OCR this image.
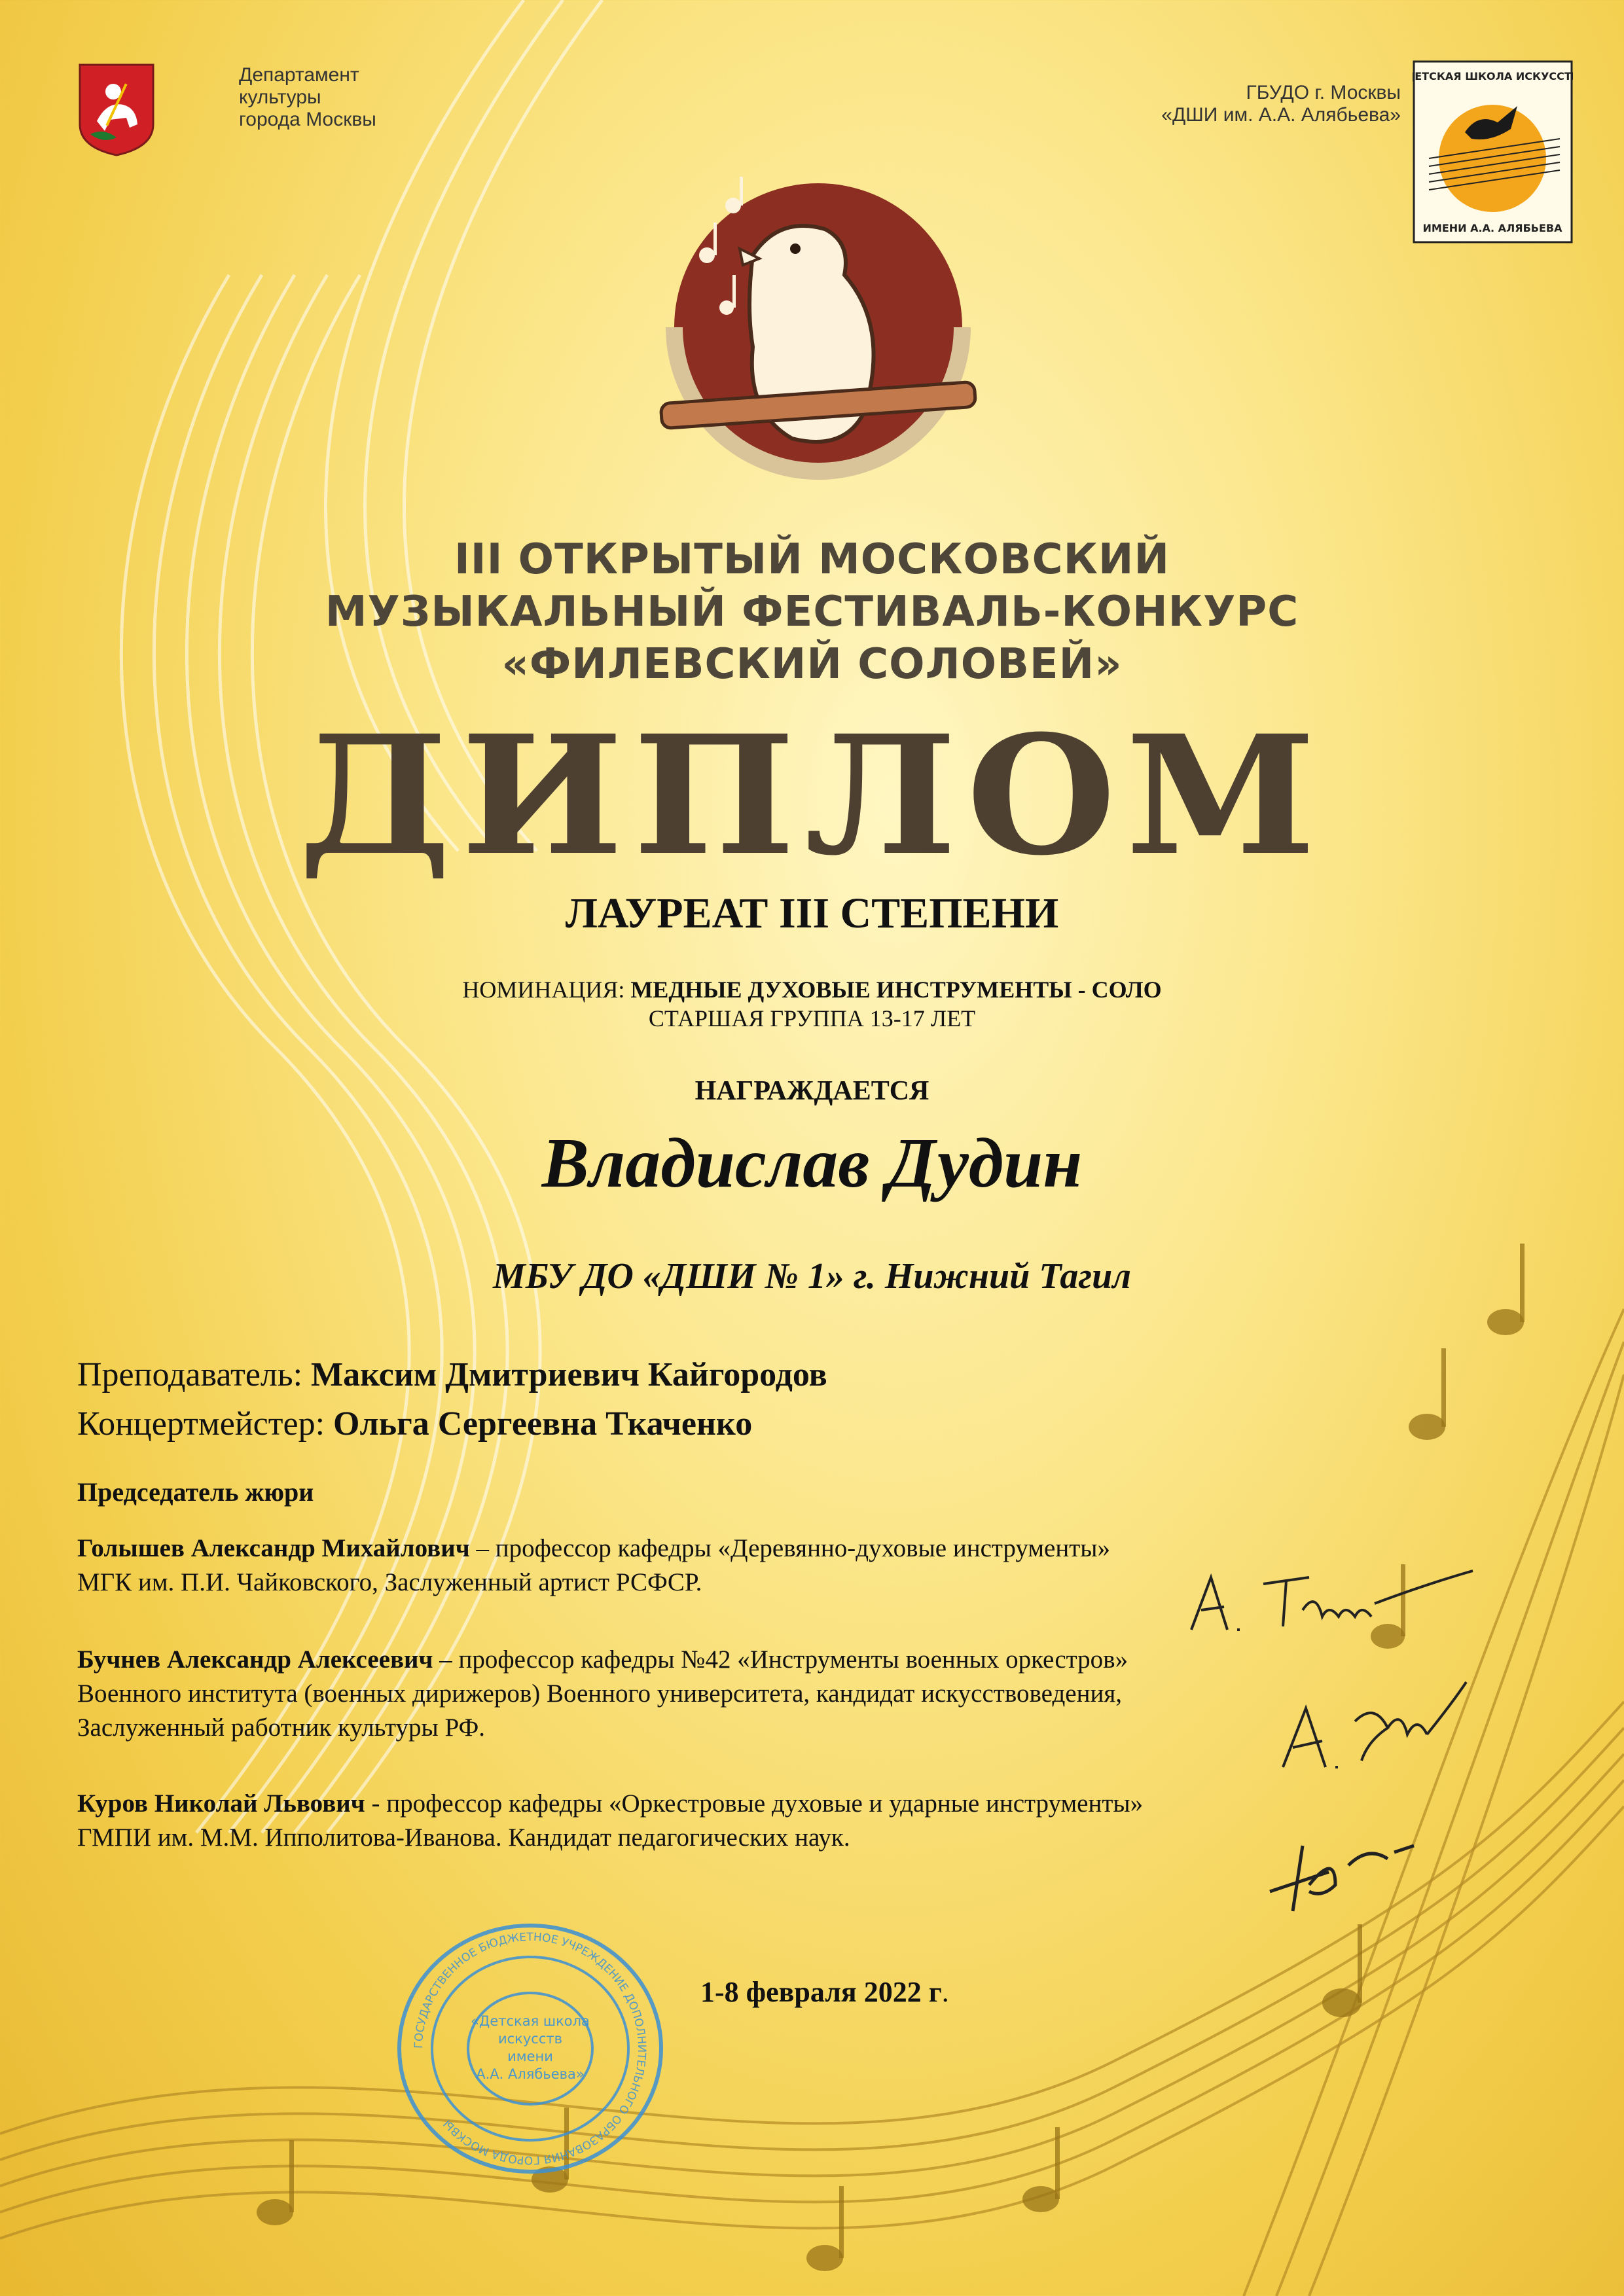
Департамент
культуры
города Москвы
ГБУДО г. Москвы
«ДШИ им. А.А. Алябьева»
ДЕТСКАЯ ШКОЛА ИСКУССТВ
ИМЕНИ А.А. АЛЯБЬЕВА
III ОТКРЫТЫЙ МОСКОВСКИЙ
МУЗЫКАЛЬНЫЙ ФЕСТИВАЛЬ-КОНКУРС
«ФИЛЕВСКИЙ СОЛОВЕЙ»
ДИПЛОМ
ЛАУРЕАТ III СТЕПЕНИ
НОМИНАЦИЯ: МЕДНЫЕ ДУХОВЫЕ ИНСТРУМЕНТЫ - СОЛО
СТАРШАЯ ГРУППА 13-17 ЛЕТ
НАГРАЖДАЕТСЯ
Владислав Дудин
МБУ ДО «ДШИ № 1» г. Нижний Тагил
Преподаватель: Максим Дмитриевич Кайгородов
Концертмейстер: Ольга Сергеевна Ткаченко
Председатель жюри
Голышев Александр Михайлович – профессор кафедры «Деревянно-духовые инструменты»
МГК им. П.И. Чайковского, Заслуженный артист РСФСР.
Бучнев Александр Алексеевич – профессор кафедры №42 «Инструменты военных оркестров»
Военного института (военных дирижеров) Военного университета, кандидат искусствоведения,
Заслуженный работник культуры РФ.
Куров Николай Львович - профессор кафедры «Оркестровые духовые и ударные инструменты»
ГМПИ им. М.М. Ипполитова-Иванова. Кандидат педагогических наук.
ГОСУДАРСТВЕННОЕ БЮДЖЕТНОЕ УЧРЕЖДЕНИЕ ДОПОЛНИТЕЛЬНОГО ОБРАЗОВАНИЯ ГОРОДА МОСКВЫ
«Детская школа
искусств
имени
А.А. Алябьева»
1-8 февраля 2022 г.
